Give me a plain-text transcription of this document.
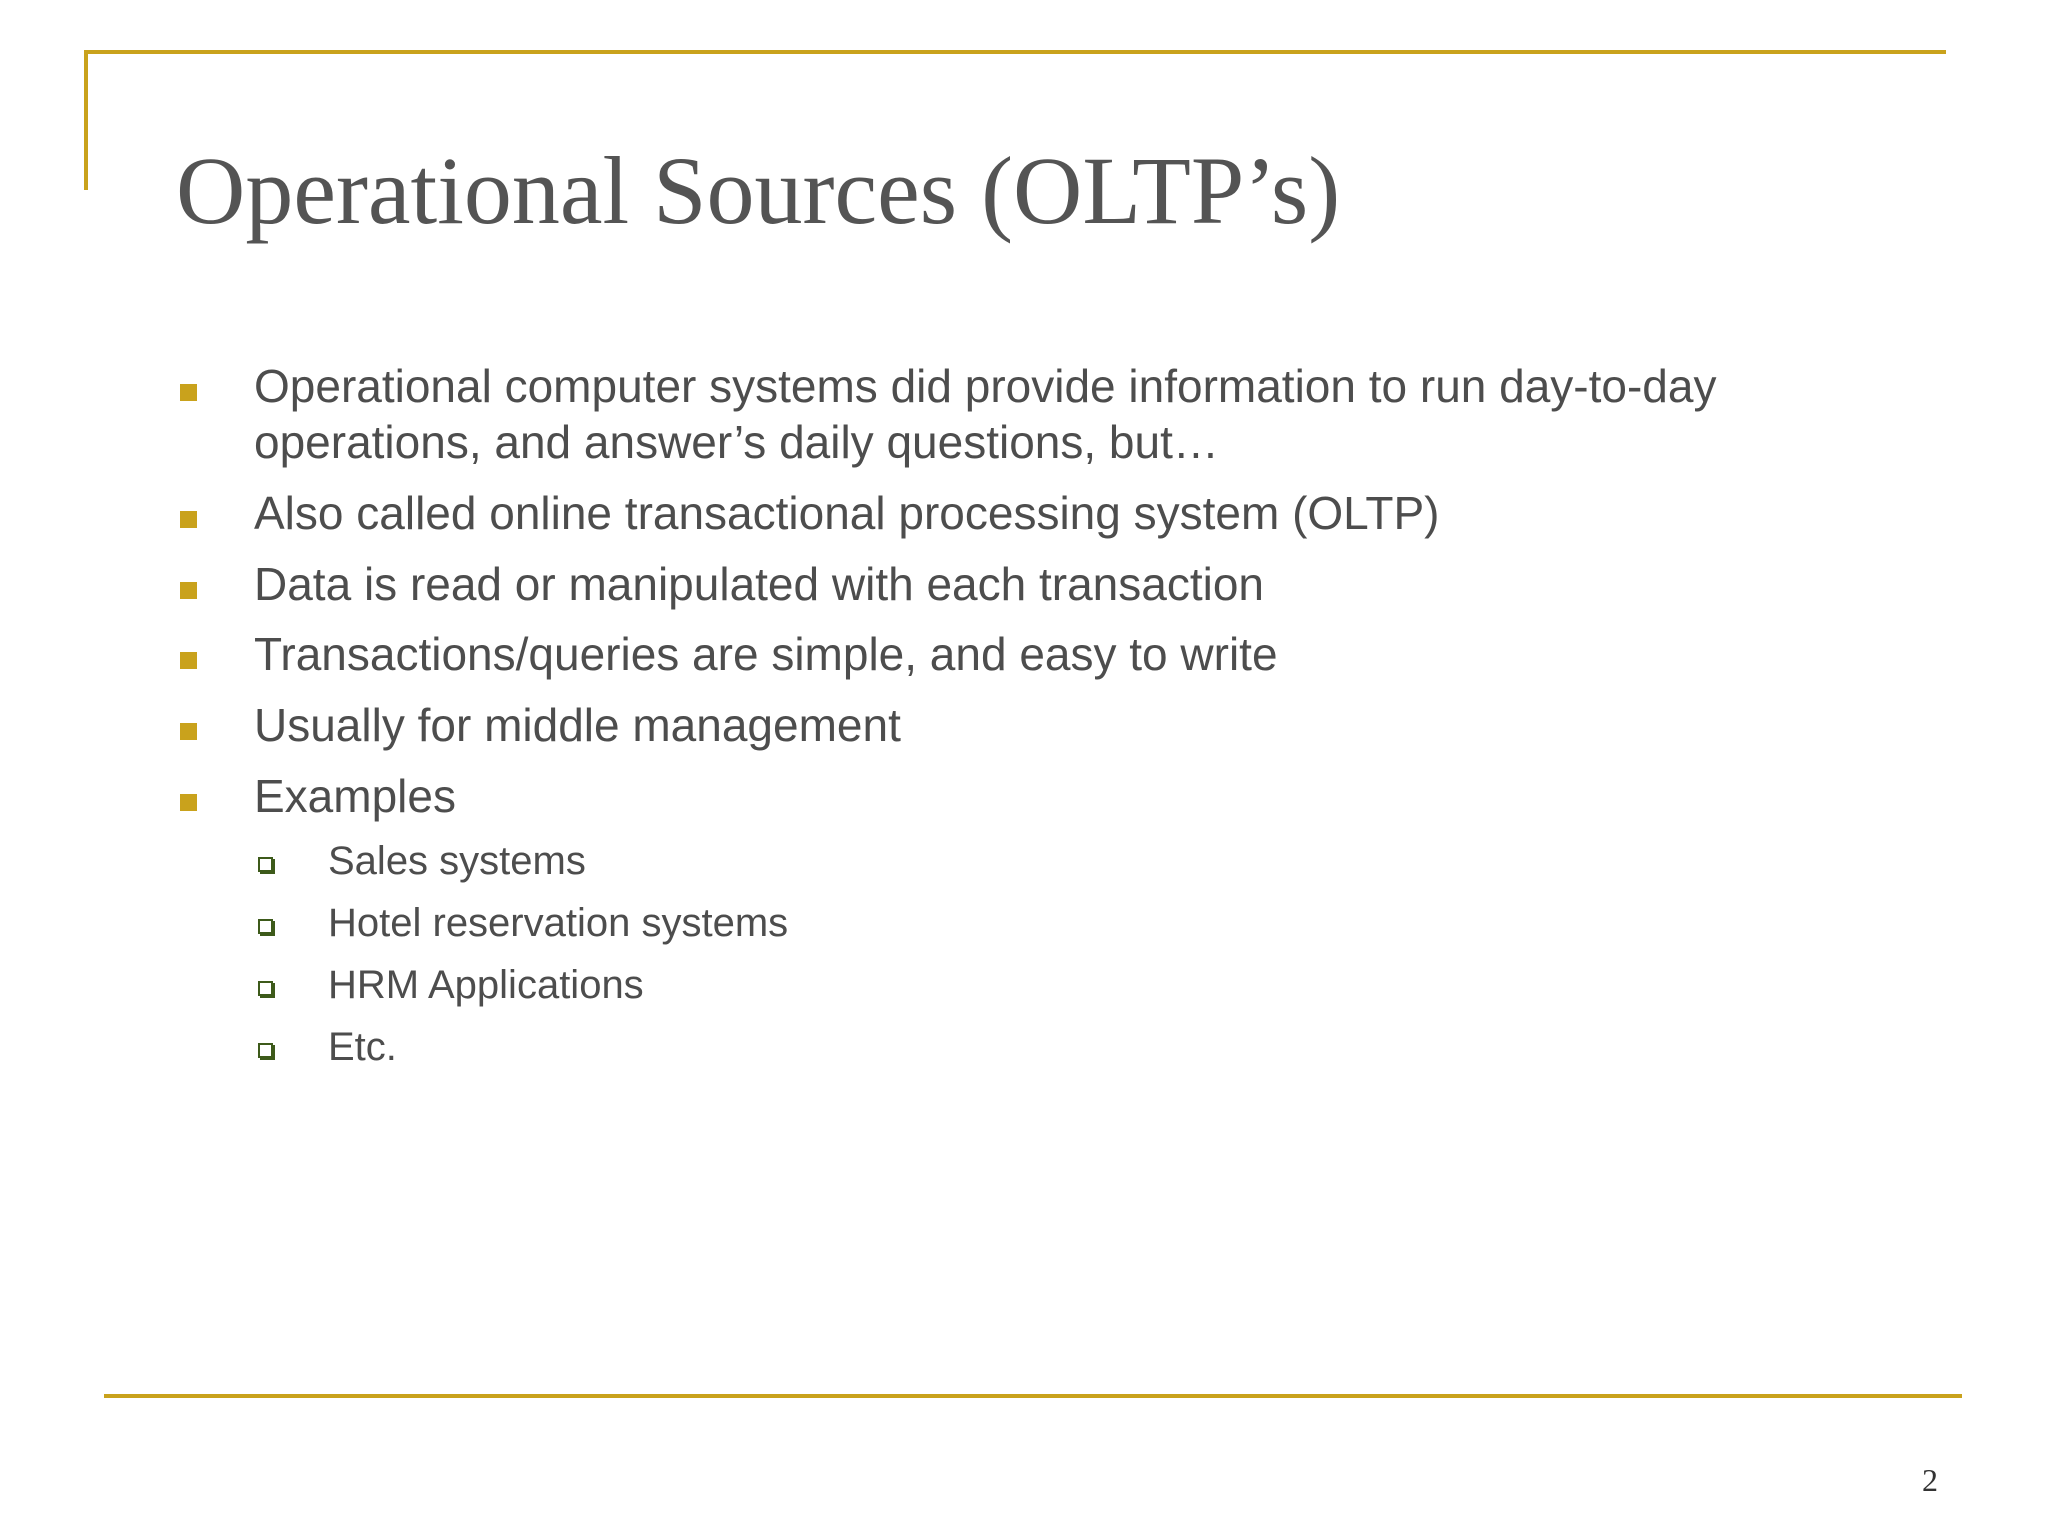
Operational Sources (OLTP’s)
Operational computer systems did provide information to run day-to-day
operations, and answer’s daily questions, but…
Also called online transactional processing system (OLTP)
Data is read or manipulated with each transaction
Transactions/queries are simple, and easy to write
Usually for middle management
Examples
Sales systems
Hotel reservation systems
HRM Applications
Etc.
2
